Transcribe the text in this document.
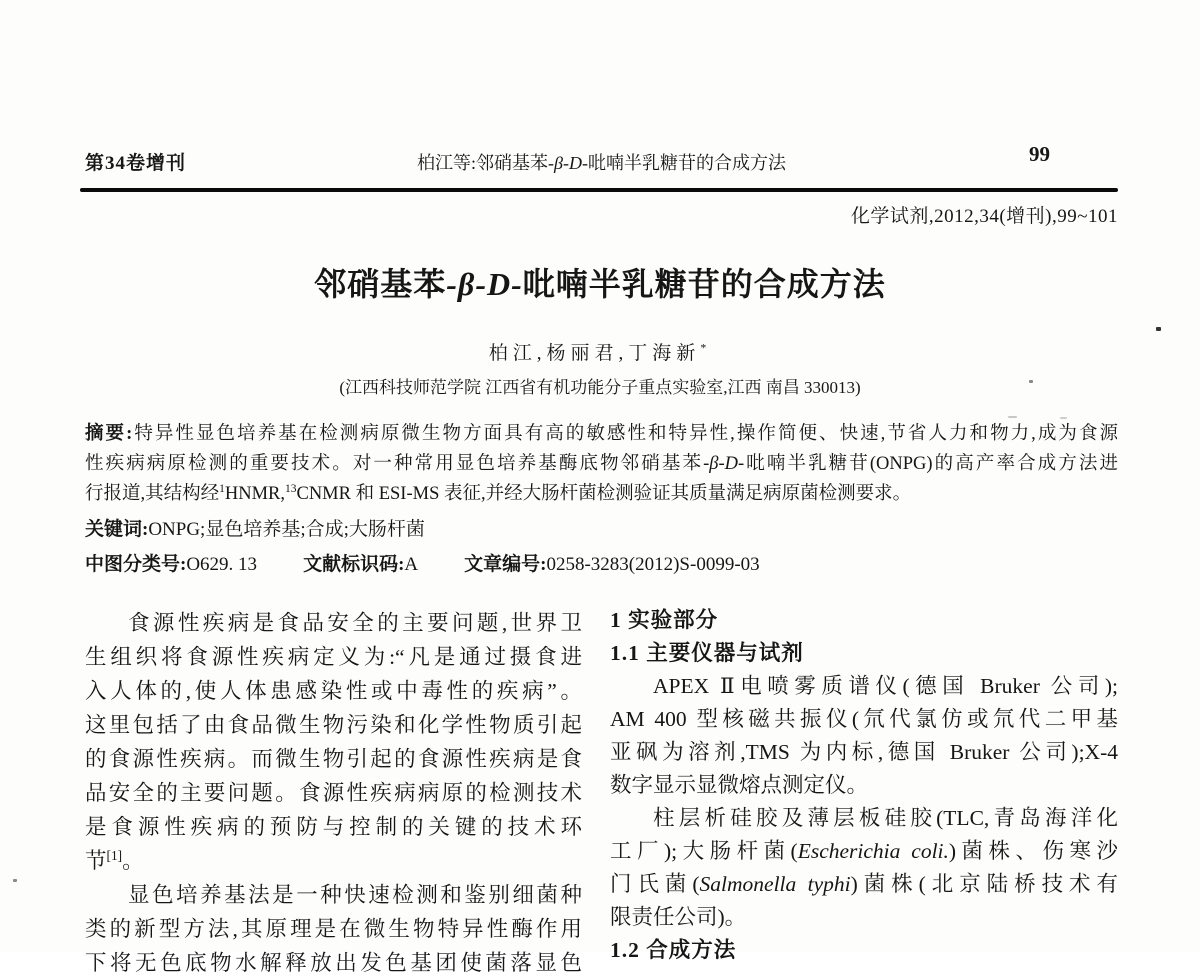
第34卷增刊	柏江等:邻硝基苯-β-D-吡喃半乳糖苷的合成方法	99
化学试剂,2012,34(增刊),99~101
邻硝基苯-β-D-吡喃半乳糖苷的合成方法
柏江,杨丽君,丁海新*
(江西科技师范学院 江西省有机功能分子重点实验室,江西 南昌 330013)
摘要:特异性显色培养基在检测病原微生物方面具有高的敏感性和特异性,操作简便、快速,节省人力和物力,成为食源
性疾病病原检测的重要技术。对一种常用显色培养基酶底物邻硝基苯-β-D-吡喃半乳糖苷(ONPG)的高产率合成方法进
行报道,其结构经$^1$HNMR,$^{13}$CNMR 和 ESI-MS 表征,并经大肠杆菌检测验证其质量满足病原菌检测要求。
关键词:ONPG;显色培养基;合成;大肠杆菌
中图分类号:O629. 13 文献标识码:A 文章编号:0258-3283(2012)S-0099-03
食源性疾病是食品安全的主要问题,世界卫
生组织将食源性疾病定义为:“凡是通过摄食进
入人体的,使人体患感染性或中毒性的疾病”。
这里包括了由食品微生物污染和化学性物质引起
的食源性疾病。而微生物引起的食源性疾病是食
品安全的主要问题。食源性疾病病原的检测技术
是食源性疾病的预防与控制的关键的技术环
节[1]。
显色培养基法是一种快速检测和鉴别细菌种
类的新型方法,其原理是在微生物特异性酶作用
下将无色底物水解释放出发色基团使菌落显色
1 实验部分
1.1 主要仪器与试剂
APEX Ⅱ电喷雾质谱仪(德国 Bruker 公司);
AM 400 型核磁共振仪(氘代氯仿或氘代二甲基
亚砜为溶剂,TMS 为内标,德国 Bruker 公司);X-4
数字显示显微熔点测定仪。
柱层析硅胶及薄层板硅胶(TLC,青岛海洋化
工厂);大肠杆菌(Escherichia coli.)菌株、伤寒沙
门氏菌(Salmonella typhi)菌株(北京陆桥技术有
限责任公司)。
1.2 合成方法
